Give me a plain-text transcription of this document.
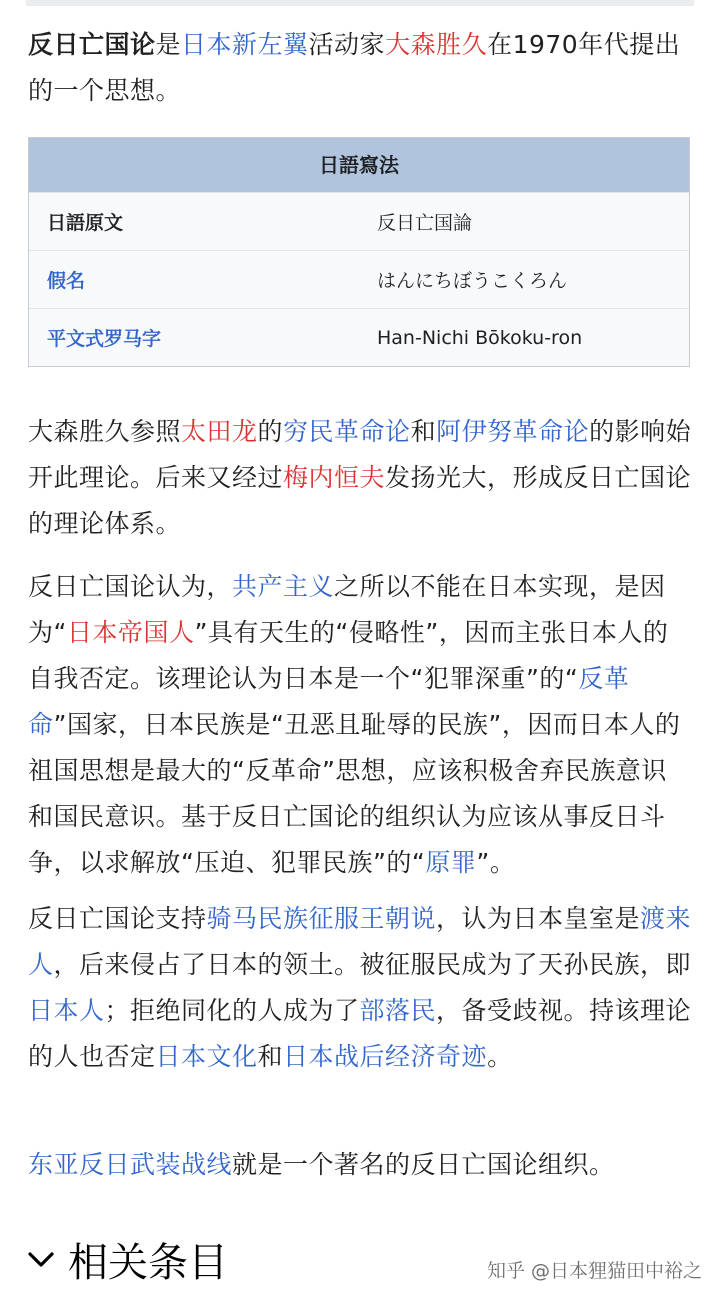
反日亡国论是日本新左翼活动家大森胜久在1970年代提出的一个思想。

日語寫法
日語原文	反日亡国論
假名	はんにちぼうこくろん
平文式罗马字	Han-Nichi Bōkoku-ron

大森胜久参照太田龙的穷民革命论和阿伊努革命论的影响始开此理论。后来又经过梅内恒夫发扬光大，形成反日亡国论的理论体系。

反日亡国论认为，共产主义之所以不能在日本实现，是因为“日本帝国人”具有天生的“侵略性”，因而主张日本人的自我否定。该理论认为日本是一个“犯罪深重”的“反革命”国家，日本民族是“丑恶且耻辱的民族”，因而日本人的祖国思想是最大的“反革命”思想，应该积极舍弃民族意识和国民意识。基于反日亡国论的组织认为应该从事反日斗争，以求解放“压迫、犯罪民族”的“原罪”。

反日亡国论支持骑马民族征服王朝说，认为日本皇室是渡来人，后来侵占了日本的领土。被征服民成为了天孙民族，即日本人；拒绝同化的人成为了部落民，备受歧视。持该理论的人也否定日本文化和日本战后经济奇迹。

东亚反日武装战线就是一个著名的反日亡国论组织。

相关条目	知乎 @日本狸猫田中裕之
